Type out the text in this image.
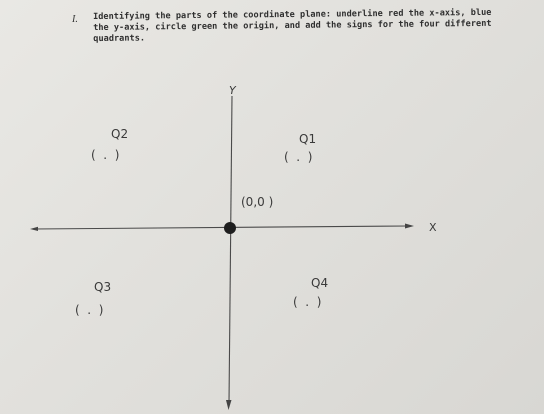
I. Identifying the parts of the coordinate plane: underline red the x-axis, blue
the y-axis, circle green the origin, and add the signs for the four different
quadrants.
Y
X
(0,0 )
Q2
(  .  )
Q1
(  .  )
Q3
(  .  )
Q4
(  .  )
